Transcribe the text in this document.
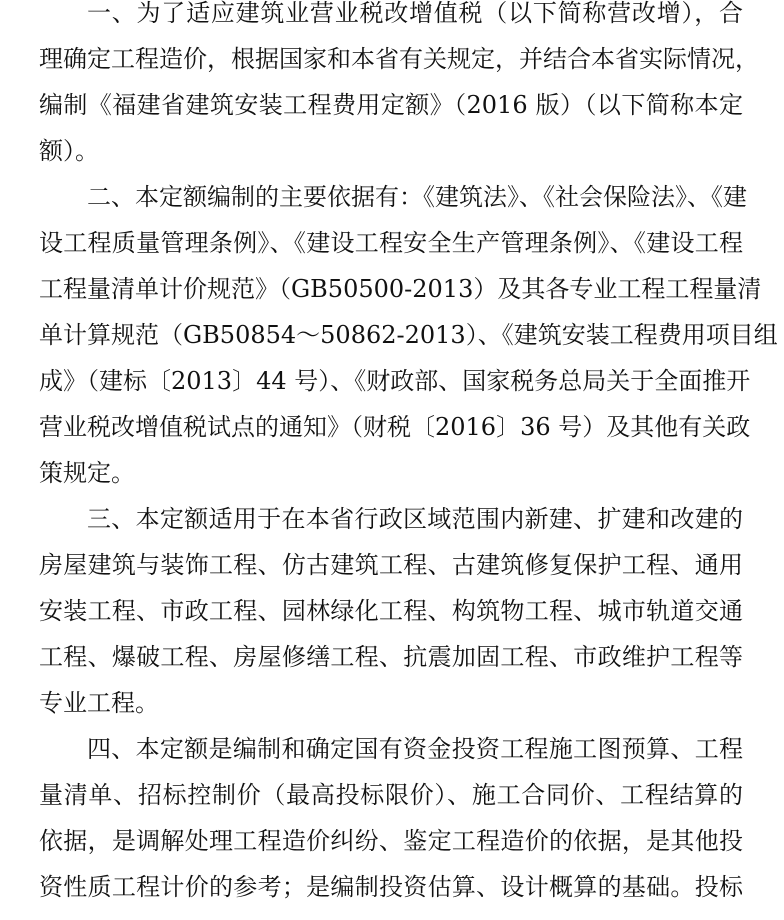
一、为了适应建筑业营业税改增值税（以下简称营改增），合
理确定工程造价，根据国家和本省有关规定，并结合本省实际情况，
编制《福建省建筑安装工程费用定额》（2016 版）（以下简称本定
额）。
二、本定额编制的主要依据有：《建筑法》、《社会保险法》、《建
设工程质量管理条例》、《建设工程安全生产管理条例》、《建设工程
工程量清单计价规范》（GB50500-2013）及其各专业工程工程量清
单计算规范（GB50854～50862-2013）、《建筑安装工程费用项目组
成》（建标〔2013〕44 号）、《财政部、国家税务总局关于全面推开
营业税改增值税试点的通知》（财税〔2016〕36 号）及其他有关政
策规定。
三、本定额适用于在本省行政区域范围内新建、扩建和改建的
房屋建筑与装饰工程、仿古建筑工程、古建筑修复保护工程、通用
安装工程、市政工程、园林绿化工程、构筑物工程、城市轨道交通
工程、爆破工程、房屋修缮工程、抗震加固工程、市政维护工程等
专业工程。
四、本定额是编制和确定国有资金投资工程施工图预算、工程
量清单、招标控制价（最高投标限价）、施工合同价、工程结算的
依据，是调解处理工程造价纠纷、鉴定工程造价的依据，是其他投
资性质工程计价的参考；是编制投资估算、设计概算的基础。投标
